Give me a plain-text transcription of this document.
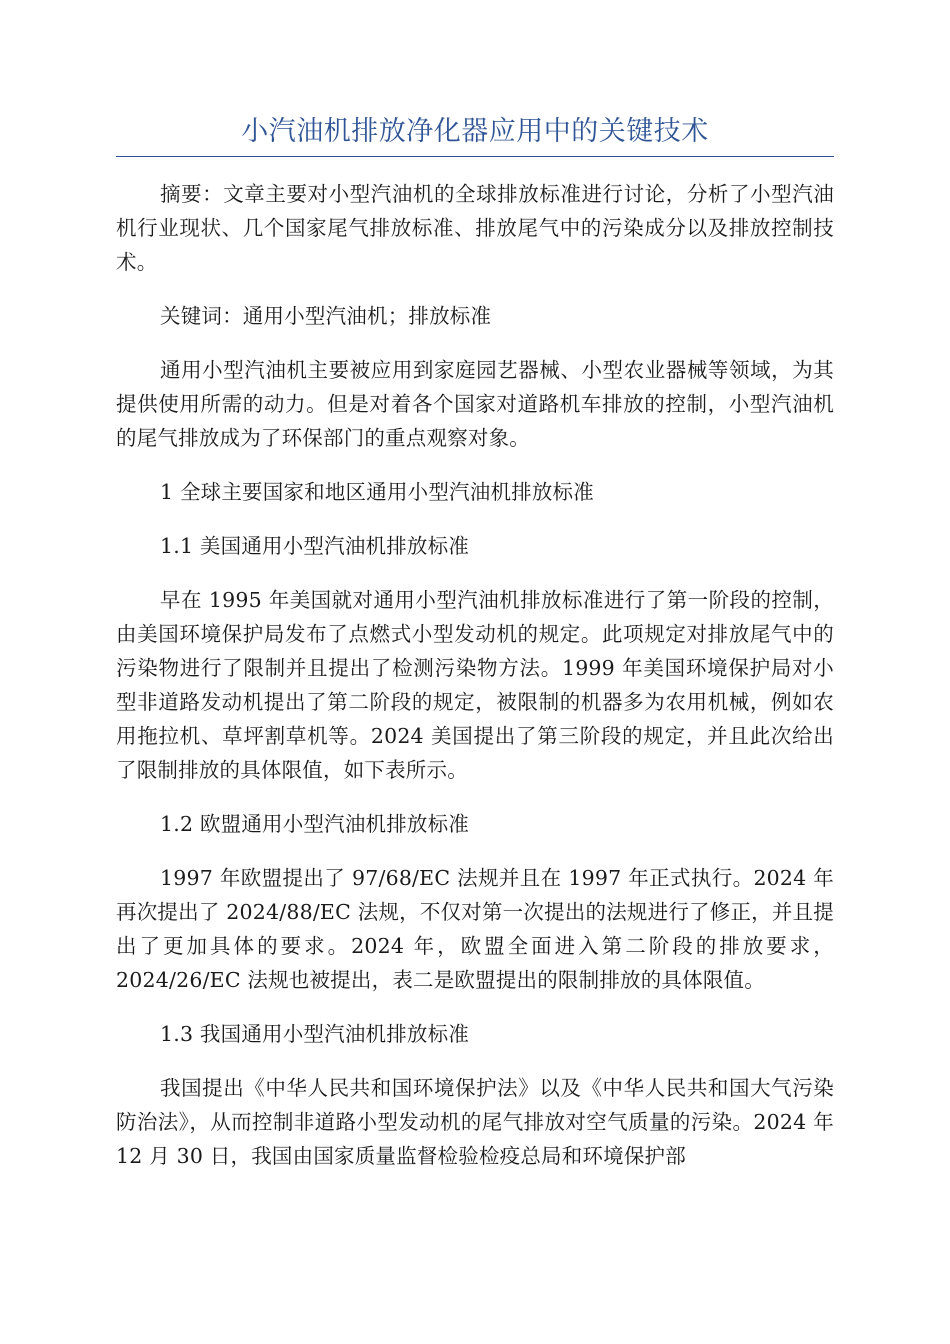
小汽油机排放净化器应用中的关键技术

摘要：文章主要对小型汽油机的全球排放标准进行讨论，分析了小型汽油机行业现状、几个国家尾气排放标准、排放尾气中的污染成分以及排放控制技术。

关键词：通用小型汽油机；排放标准

通用小型汽油机主要被应用到家庭园艺器械、小型农业器械等领域，为其提供使用所需的动力。但是对着各个国家对道路机车排放的控制，小型汽油机的尾气排放成为了环保部门的重点观察对象。

1 全球主要国家和地区通用小型汽油机排放标准

1.1 美国通用小型汽油机排放标准

早在 1995 年美国就对通用小型汽油机排放标准进行了第一阶段的控制，由美国环境保护局发布了点燃式小型发动机的规定。此项规定对排放尾气中的污染物进行了限制并且提出了检测污染物方法。1999 年美国环境保护局对小型非道路发动机提出了第二阶段的规定，被限制的机器多为农用机械，例如农用拖拉机、草坪割草机等。2024 美国提出了第三阶段的规定，并且此次给出了限制排放的具体限值，如下表所示。

1.2 欧盟通用小型汽油机排放标准

1997 年欧盟提出了 97/68/EC 法规并且在 1997 年正式执行。2024 年再次提出了 2024/88/EC 法规，不仅对第一次提出的法规进行了修正，并且提出了更加具体的要求。2024 年，欧盟全面进入第二阶段的排放要求，2024/26/EC 法规也被提出，表二是欧盟提出的限制排放的具体限值。

1.3 我国通用小型汽油机排放标准

我国提出《中华人民共和国环境保护法》以及《中华人民共和国大气污染防治法》，从而控制非道路小型发动机的尾气排放对空气质量的污染。2024 年 12 月 30 日，我国由国家质量监督检验检疫总局和环境保护部
